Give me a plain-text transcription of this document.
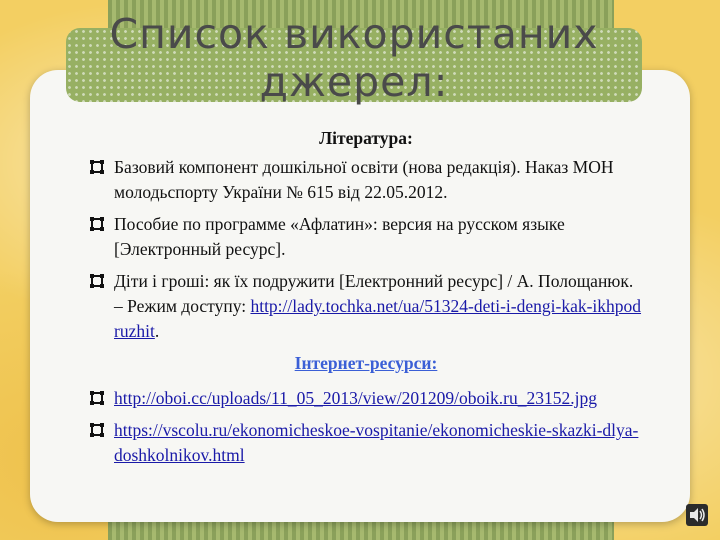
Список використаних джерел:

Література:

Базовий компонент дошкільної освіти (нова редакція). Наказ МОН молодьспорту України № 615 від 22.05.2012.
Пособие по программе «Афлатин»: версия на русском языке [Электронный ресурс].
Діти і гроші: як їх подружити [Електронний ресурс] / А. Полощанюк. – Режим доступу: http://lady.tochka.net/ua/51324-deti-i-dengi-kak-ikhpodruzhit.

Інтернет-ресурси:

http://oboi.cc/uploads/11_05_2013/view/201209/oboik.ru_23152.jpg
https://vscolu.ru/ekonomicheskoe-vospitanie/ekonomicheskie-skazki-dlya-doshkolnikov.html
